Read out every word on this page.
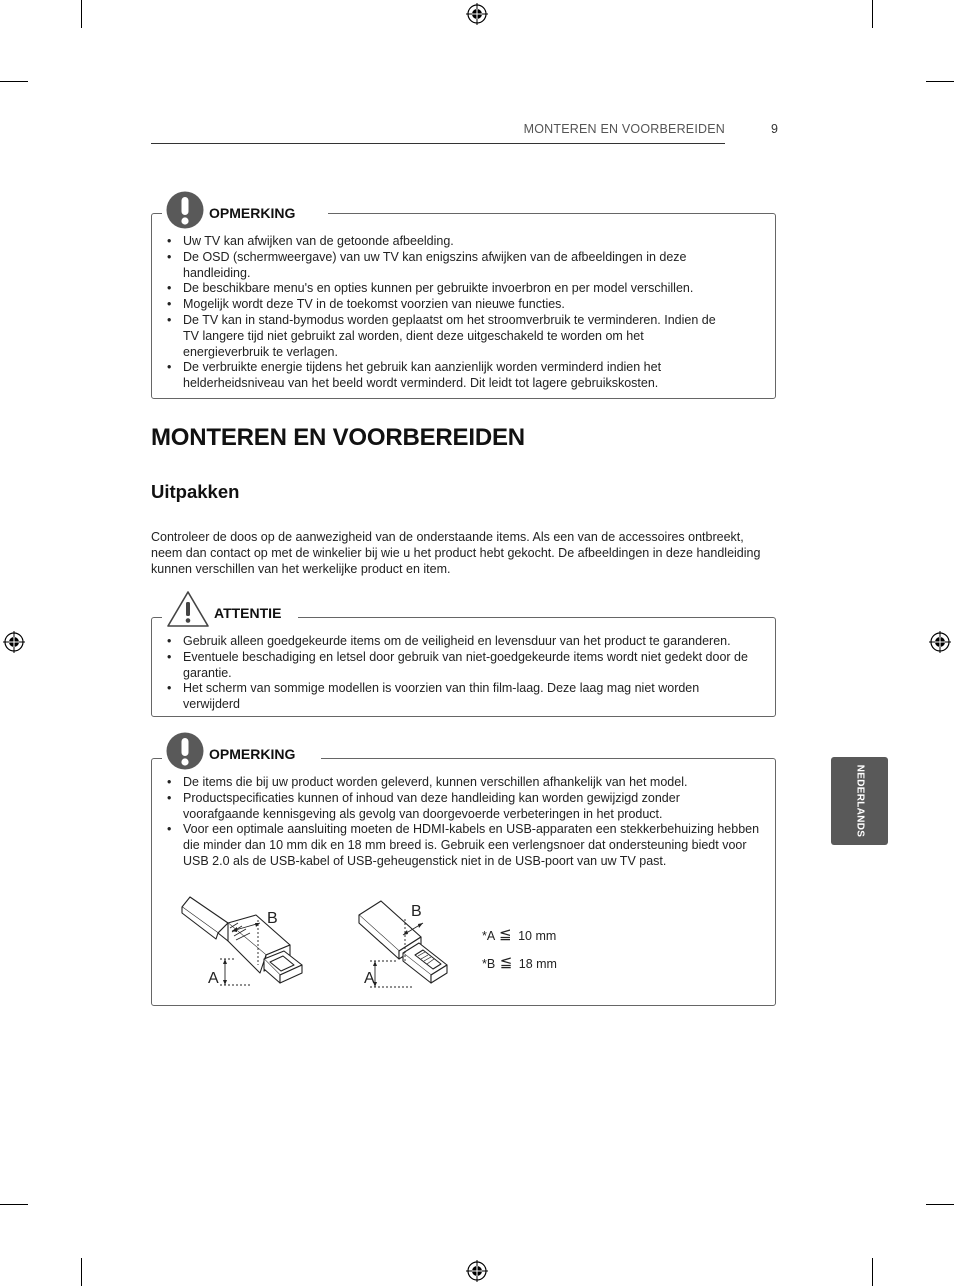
MONTEREN EN VOORBEREIDEN	9
OPMERKING
• Uw TV kan afwijken van de getoonde afbeelding.
• De OSD (schermweergave) van uw TV kan enigszins afwijken van de afbeeldingen in deze handleiding.
• De beschikbare menu's en opties kunnen per gebruikte invoerbron en per model verschillen.
• Mogelijk wordt deze TV in de toekomst voorzien van nieuwe functies.
• De TV kan in stand-bymodus worden geplaatst om het stroomverbruik te verminderen. Indien de TV langere tijd niet gebruikt zal worden, dient deze uitgeschakeld te worden om het energieverbruik te verlagen.
• De verbruikte energie tijdens het gebruik kan aanzienlijk worden verminderd indien het helderheidsniveau van het beeld wordt verminderd. Dit leidt tot lagere gebruikskosten.
MONTEREN EN VOORBEREIDEN
Uitpakken
Controleer de doos op de aanwezigheid van de onderstaande items. Als een van de accessoires ontbreekt, neem dan contact op met de winkelier bij wie u het product hebt gekocht. De afbeeldingen in deze handleiding kunnen verschillen van het werkelijke product en item.
ATTENTIE
• Gebruik alleen goedgekeurde items om de veiligheid en levensduur van het product te garanderen.
• Eventuele beschadiging en letsel door gebruik van niet-goedgekeurde items wordt niet gedekt door de garantie.
• Het scherm van sommige modellen is voorzien van thin film-laag. Deze laag mag niet worden verwijderd
OPMERKING
• De items die bij uw product worden geleverd, kunnen verschillen afhankelijk van het model.
• Productspecificaties kunnen of inhoud van deze handleiding kan worden gewijzigd zonder voorafgaande kennisgeving als gevolg van doorgevoerde verbeteringen in het product.
• Voor een optimale aansluiting moeten de HDMI-kabels en USB-apparaten een stekkerbehuizing hebben die minder dan 10 mm dik en 18 mm breed is. Gebruik een verlengsnoer dat ondersteuning biedt voor USB 2.0 als de USB-kabel of USB-geheugenstick niet in de USB-poort van uw TV past.
B
A
B
A
*A ≦ 10 mm
*B ≦ 18 mm
NEDERLANDS
